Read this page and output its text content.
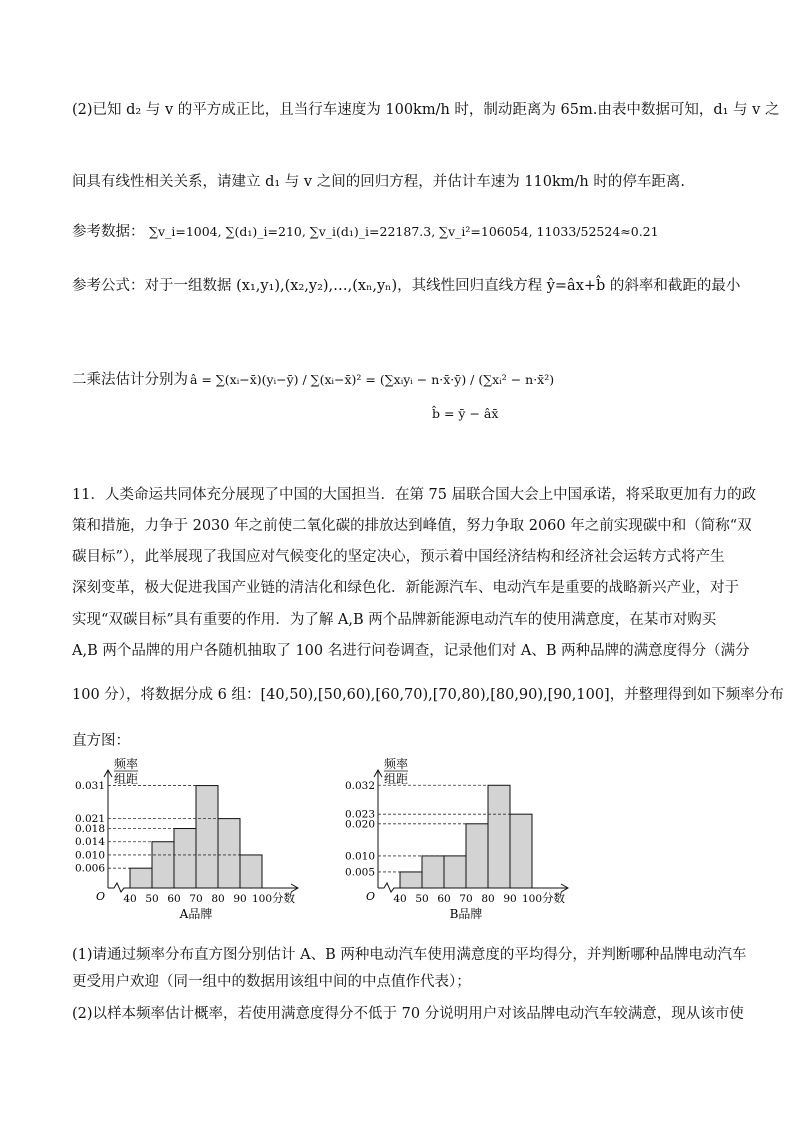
(2)已知 d₂ 与 v 的平方成正比，且当行车速度为 100km/h 时，制动距离为 65m.由表中数据可知，d₁ 与 v 之
间具有线性相关关系，请建立 d₁ 与 v 之间的回归方程，并估计车速为 110km/h 时的停车距离.
参考数据： ∑v_i=1004, ∑(d₁)_i=210, ∑v_i(d₁)_i=22187.3, ∑v_i²=106054, 11033/52524≈0.21
参考公式：对于一组数据 (x₁,y₁),(x₂,y₂),…,(xₙ,yₙ)，其线性回归直线方程 ŷ=âx+b̂ 的斜率和截距的最小
二乘法估计分别为 â = ∑(xᵢ−x̄)(yᵢ−ȳ) / ∑(xᵢ−x̄)² = (∑xᵢyᵢ − n·x̄·ȳ) / (∑xᵢ² − n·x̄²)
b̂ = ȳ − âx̄
11．人类命运共同体充分展现了中国的大国担当．在第 75 届联合国大会上中国承诺，将采取更加有力的政
策和措施，力争于 2030 年之前使二氧化碳的排放达到峰值，努力争取 2060 年之前实现碳中和（简称“双
碳目标”），此举展现了我国应对气候变化的坚定决心，预示着中国经济结构和经济社会运转方式将产生
深刻变革，极大促进我国产业链的清洁化和绿色化．新能源汽车、电动汽车是重要的战略新兴产业，对于
实现“双碳目标”具有重要的作用．为了解 A,B 两个品牌新能源电动汽车的使用满意度，在某市对购买
A,B 两个品牌的用户各随机抽取了 100 名进行问卷调查，记录他们对 A、B 两种品牌的满意度得分（满分
100 分），将数据分成 6 组：[40,50),[50,60),[60,70),[70,80),[80,90),[90,100]，并整理得到如下频率分布
直方图：
频率
组距
0.031
0.021
0.018
0.014
0.010
0.006
O 40 50 60 70 80 90 100 分数
A品牌
频率
组距
0.032
0.023
0.020
0.010
0.005
O 40 50 60 70 80 90 100 分数
B品牌
(1)请通过频率分布直方图分别估计 A、B 两种电动汽车使用满意度的平均得分，并判断哪种品牌电动汽车
更受用户欢迎（同一组中的数据用该组中间的中点值作代表）；
(2)以样本频率估计概率，若使用满意度得分不低于 70 分说明用户对该品牌电动汽车较满意，现从该市使
